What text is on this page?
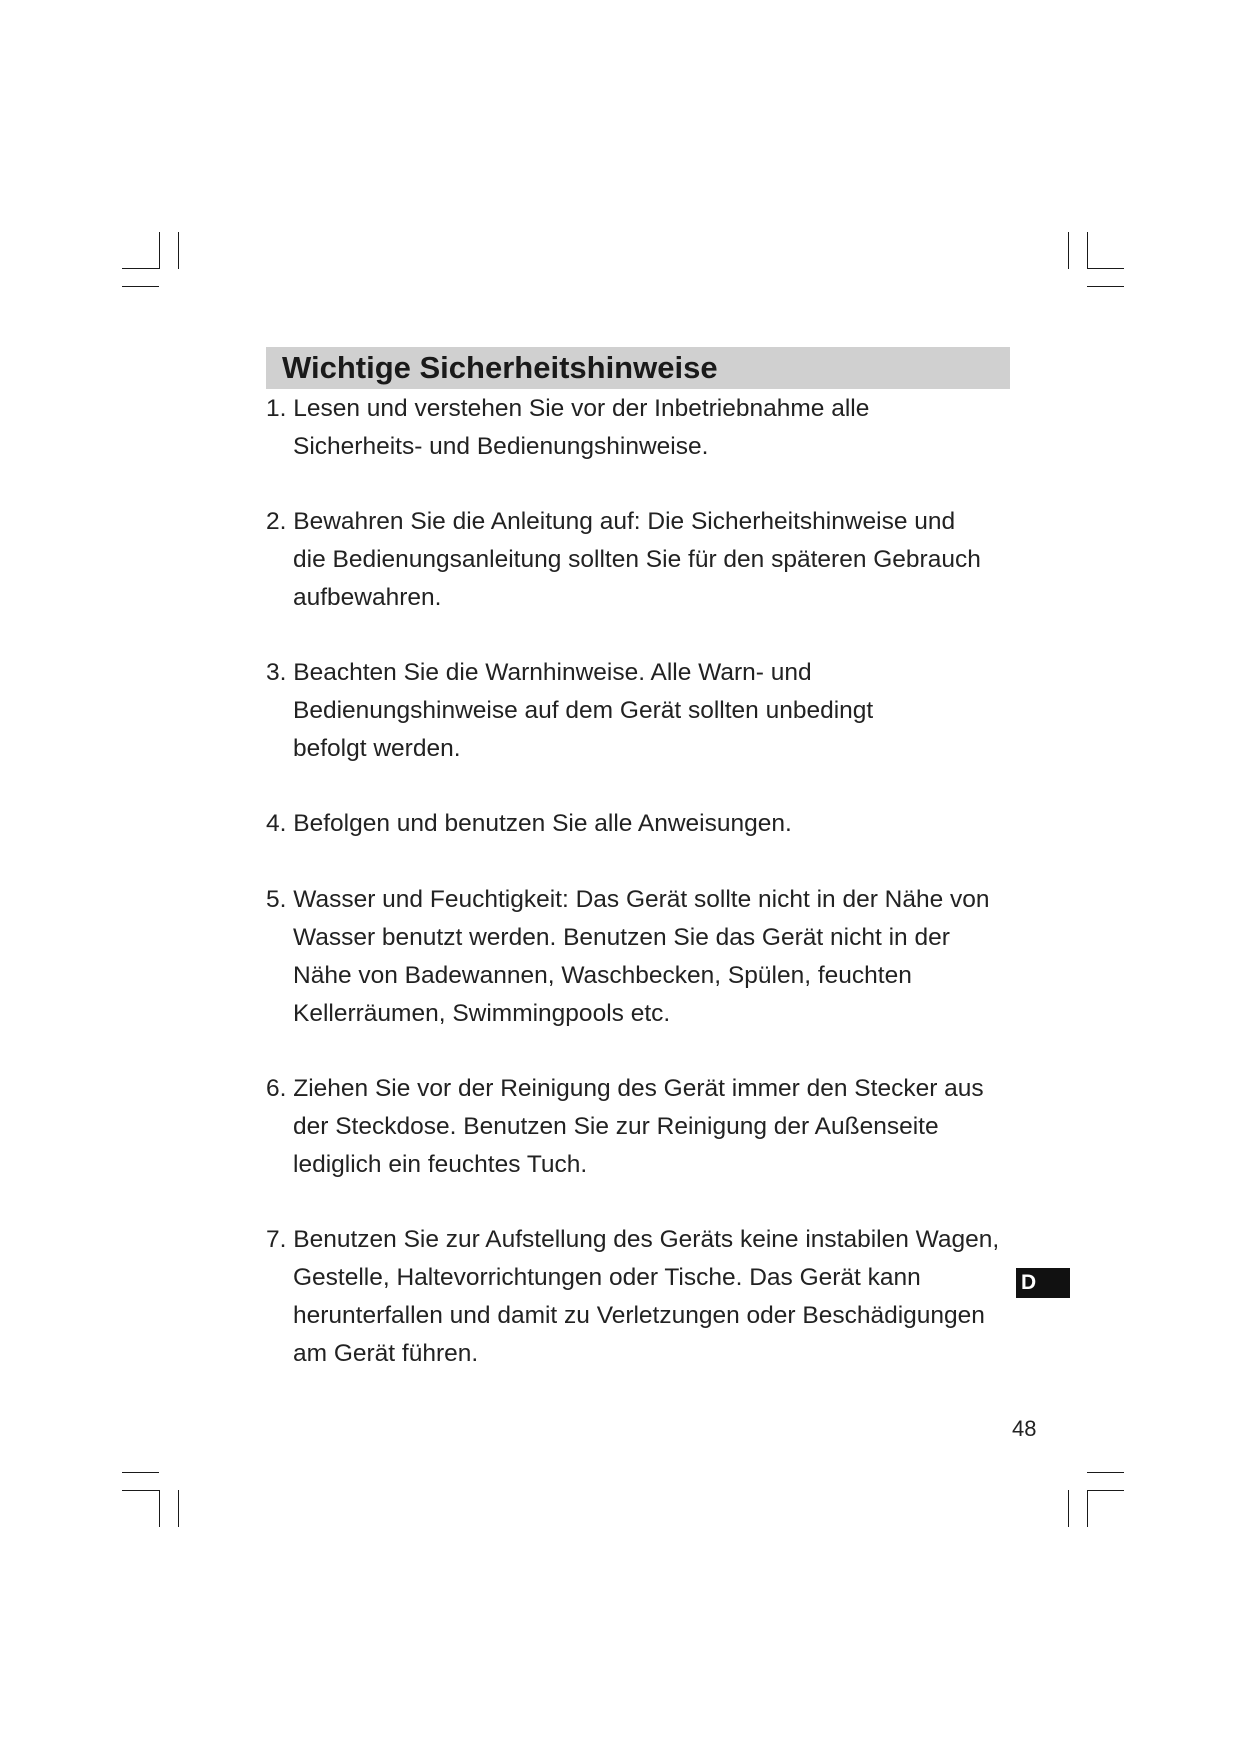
Wichtige Sicherheitshinweise
1. Lesen und verstehen Sie vor der Inbetriebnahme alle
Sicherheits- und Bedienungshinweise.
2. Bewahren Sie die Anleitung auf: Die Sicherheitshinweise und
die Bedienungsanleitung sollten Sie für den späteren Gebrauch
aufbewahren.
3. Beachten Sie die Warnhinweise. Alle Warn- und
Bedienungshinweise auf dem Gerät sollten unbedingt
befolgt werden.
4. Befolgen und benutzen Sie alle Anweisungen.
5. Wasser und Feuchtigkeit: Das Gerät sollte nicht in der Nähe von
Wasser benutzt werden. Benutzen Sie das Gerät nicht in der
Nähe von Badewannen, Waschbecken, Spülen, feuchten
Kellerräumen, Swimmingpools etc.
6. Ziehen Sie vor der Reinigung des Gerät immer den Stecker aus
der Steckdose. Benutzen Sie zur Reinigung der Außenseite
lediglich ein feuchtes Tuch.
7. Benutzen Sie zur Aufstellung des Geräts keine instabilen Wagen,
Gestelle, Haltevorrichtungen oder Tische. Das Gerät kann
herunterfallen und damit zu Verletzungen oder Beschädigungen
am Gerät führen.
D
48
